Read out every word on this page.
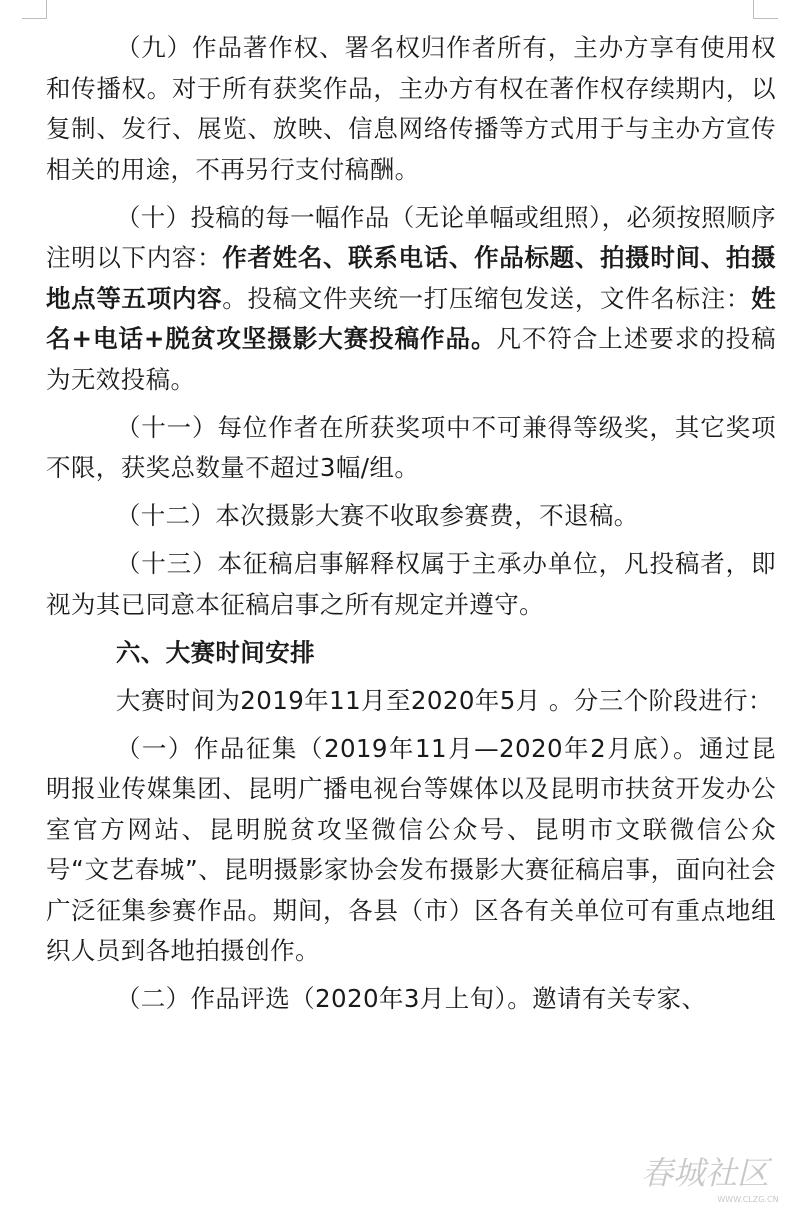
（九）作品著作权、署名权归作者所有，主办方享有使用权和传播权。对于所有获奖作品，主办方有权在著作权存续期内，以复制、发行、展览、放映、信息网络传播等方式用于与主办方宣传相关的用途，不再另行支付稿酬。
（十）投稿的每一幅作品（无论单幅或组照），必须按照顺序注明以下内容：作者姓名、联系电话、作品标题、拍摄时间、拍摄地点等五项内容。投稿文件夹统一打压缩包发送，文件名标注：姓名+电话+脱贫攻坚摄影大赛投稿作品。凡不符合上述要求的投稿为无效投稿。
（十一）每位作者在所获奖项中不可兼得等级奖，其它奖项不限，获奖总数量不超过3幅/组。
（十二）本次摄影大赛不收取参赛费，不退稿。
（十三）本征稿启事解释权属于主承办单位，凡投稿者，即视为其已同意本征稿启事之所有规定并遵守。
六、大赛时间安排
大赛时间为2019年11月至2020年5月 。分三个阶段进行：
（一）作品征集（2019年11月—2020年2月底）。通过昆明报业传媒集团、昆明广播电视台等媒体以及昆明市扶贫开发办公室官方网站、昆明脱贫攻坚微信公众号、昆明市文联微信公众号“文艺春城”、昆明摄影家协会发布摄影大赛征稿启事，面向社会广泛征集参赛作品。期间，各县（市）区各有关单位可有重点地组织人员到各地拍摄创作。
（二）作品评选（2020年3月上旬）。邀请有关专家、
春城社区
WWW.CLZG.CN
